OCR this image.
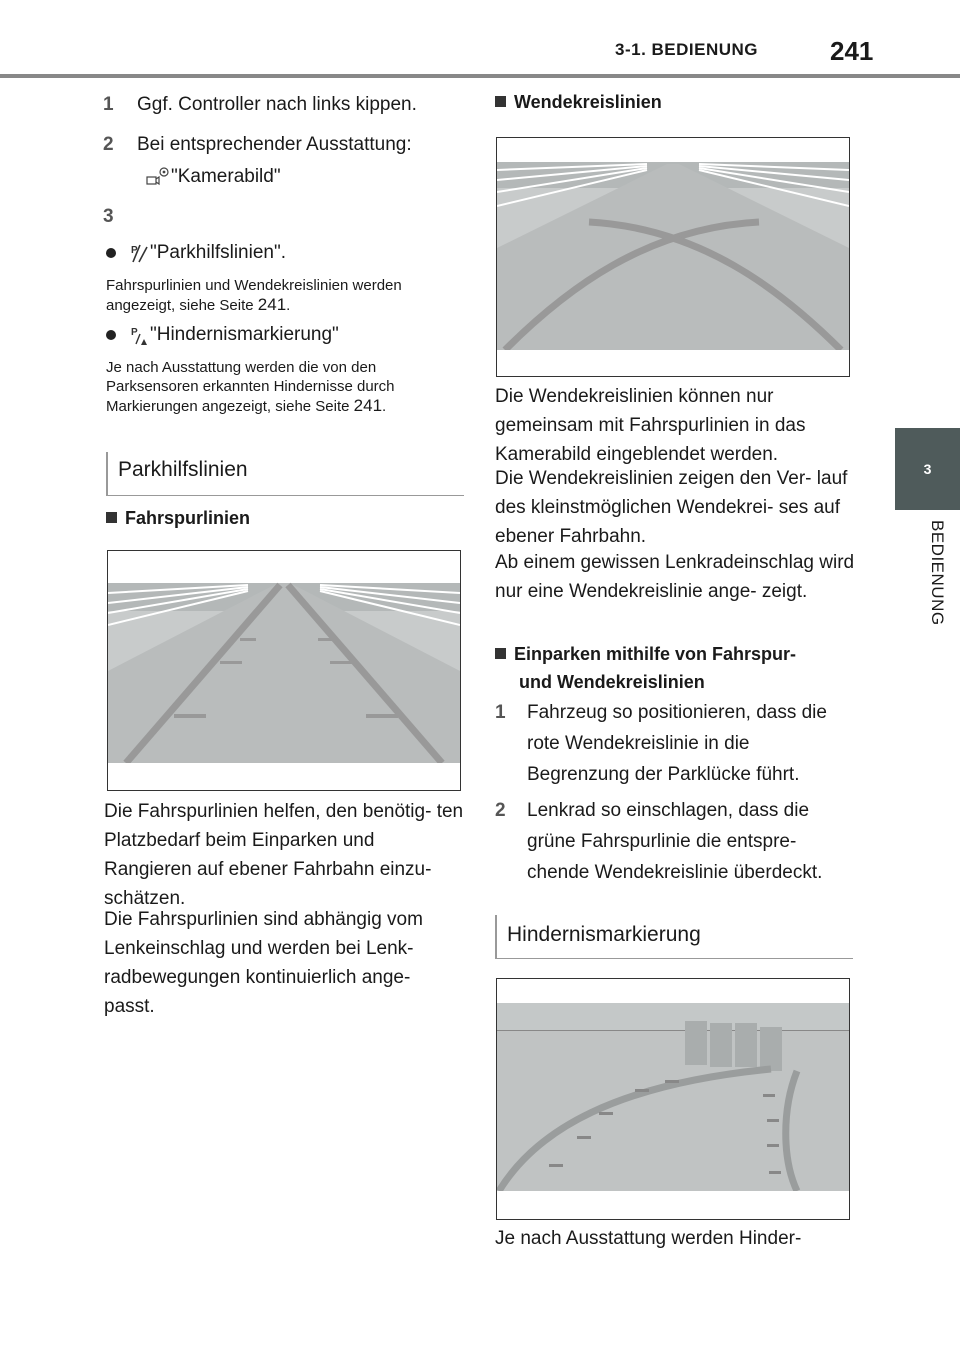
3-1. BEDIENUNG	241
3
BEDIENUNG
1	Ggf. Controller nach links kippen.
2	Bei entsprechender Ausstattung:
"Kamerabild"
3
P "Parkhilfslinien".
Fahrspurlinien und Wendekreislinien werden angezeigt, siehe Seite 241.
P "Hindernismarkierung"
Je nach Ausstattung werden die von den Parksensoren erkannten Hindernisse durch Markierungen angezeigt, siehe Seite 241.
Parkhilfslinien
Fahrspurlinien
Die Fahrspurlinien helfen, den benötig- ten Platzbedarf beim Einparken und Rangieren auf ebener Fahrbahn einzu- schätzen.
Die Fahrspurlinien sind abhängig vom Lenkeinschlag und werden bei Lenk- radbewegungen kontinuierlich ange- passt.
Wendekreislinien
Die Wendekreislinien können nur gemeinsam mit Fahrspurlinien in das Kamerabild eingeblendet werden.
Die Wendekreislinien zeigen den Ver- lauf des kleinstmöglichen Wendekrei- ses auf ebener Fahrbahn.
Ab einem gewissen Lenkradeinschlag wird nur eine Wendekreislinie ange- zeigt.
Einparken mithilfe von Fahrspur-
und Wendekreislinien
1	Fahrzeug so positionieren, dass die rote Wendekreislinie in die Begrenzung der Parklücke führt.
2	Lenkrad so einschlagen, dass die grüne Fahrspurlinie die entspre- chende Wendekreislinie überdeckt.
Hindernismarkierung
Je nach Ausstattung werden Hinder-
